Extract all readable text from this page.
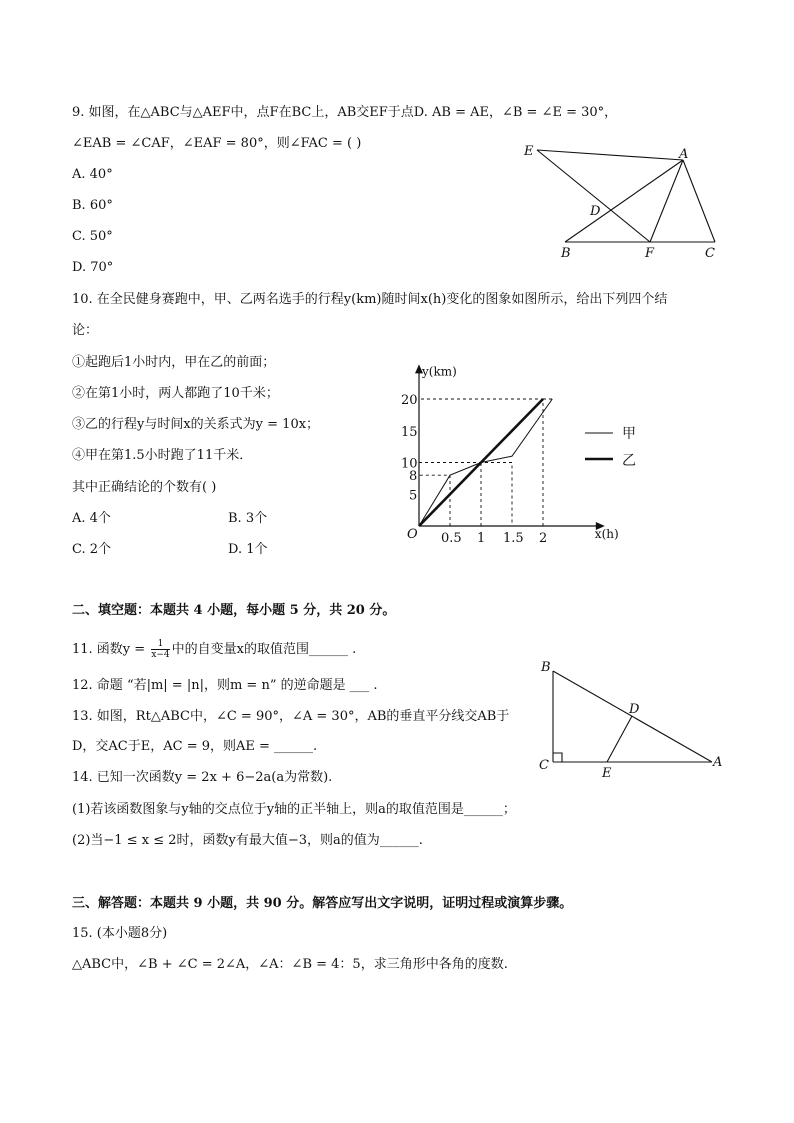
9. 如图，在△ABC与△AEF中，点F在BC上，AB交EF于点D. AB = AE，∠B = ∠E = 30°，
∠EAB = ∠CAF，∠EAF = 80°，则∠FAC = ( )
A. 40°
B. 60°
C. 50°
D. 70°
E	A
D
B	F	C
10. 在全民健身赛跑中，甲、乙两名选手的行程y(km)随时间x(h)变化的图象如图所示，给出下列四个结
论：
①起跑后1小时内，甲在乙的前面；
②在第1小时，两人都跑了10千米；
③乙的行程y与时间x的关系式为y = 10x；
④甲在第1.5小时跑了11千米．
其中正确结论的个数有( )
A. 4个	B. 3个
C. 2个	D. 1个
x(h)
y(km)
O 0.5 1 1.5 2
5
8
10
15
20
甲
乙
二、填空题：本题共 4 小题，每小题 5 分，共 20 分。
11. 函数$y = \frac{1}{x-4}$ 中的自变量x的取值范围______ .
12. 命题 “若|m| = |n|，则m = n” 的逆命题是 ___ .
13. 如图，Rt△ABC中，∠C = 90°，∠A = 30°，AB的垂直平分线交AB于
D，交AC于E，AC = 9，则AE = ______.
14. 已知一次函数y = 2x + 6−2a(a为常数).
(1)若该函数图象与y轴的交点位于y轴的正半轴上，则a的取值范围是______；
(2)当−1 ≤ x ≤ 2时，函数y有最大值−3，则a的值为______.
B
D
C
E
A
三、解答题：本题共 9 小题，共 90 分。解答应写出文字说明，证明过程或演算步骤。
15. (本小题8分)
△ABC中，∠B + ∠C = 2∠A，∠A：∠B = 4：5，求三角形中各角的度数.
